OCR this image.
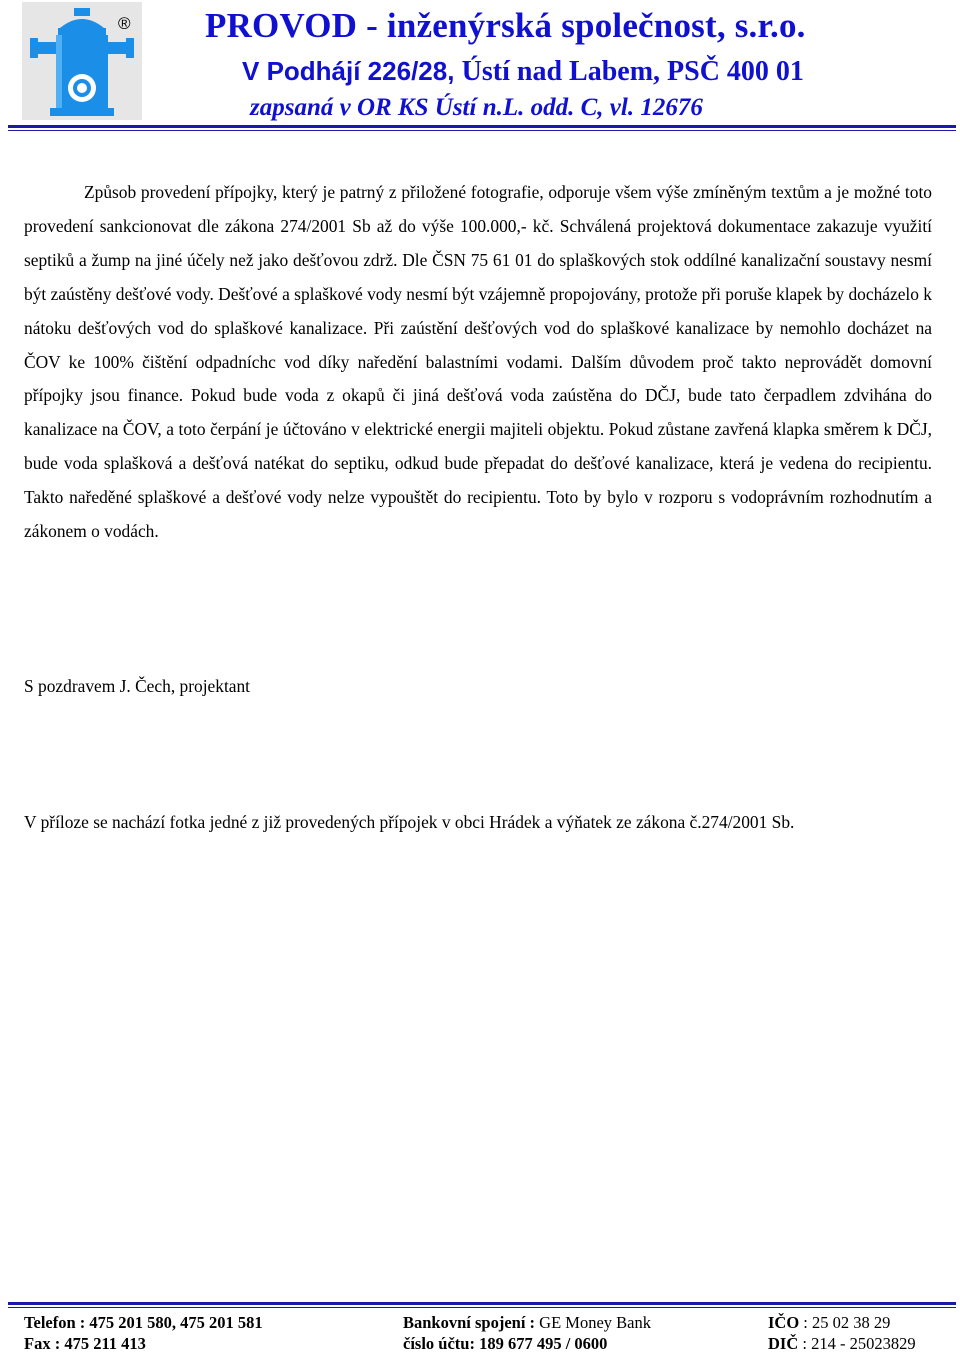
® PROVOD - inženýrská společnost, s.r.o.
V Podhájí 226/28, Ústí nad Labem, PSČ 400 01
zapsaná v OR KS Ústí n.L. odd. C, vl. 12676

Způsob provedení přípojky, který je patrný z přiložené fotografie, odporuje všem výše zmíněným textům a je možné toto provedení sankcionovat dle zákona 274/2001 Sb až do výše 100.000,- kč. Schválená projektová dokumentace zakazuje využití septiků a žump na jiné účely než jako dešťovou zdrž. Dle ČSN 75 61 01 do splaškových stok oddílné kanalizační soustavy nesmí být zaústěny dešťové vody. Dešťové a splaškové vody nesmí být vzájemně propojovány, protože při poruše klapek by docházelo k nátoku dešťových vod do splaškové kanalizace. Při zaústění dešťových vod do splaškové kanalizace by nemohlo docházet na ČOV ke 100% čištění odpadníchc vod díky naředění balastními vodami. Dalším důvodem proč takto neprovádět domovní přípojky jsou finance. Pokud bude voda z okapů či jiná dešťová voda zaústěna do DČJ, bude tato čerpadlem zdvihána do kanalizace na ČOV, a toto čerpání je účtováno v elektrické energii majiteli objektu. Pokud zůstane zavřená klapka směrem k DČJ, bude voda splašková a dešťová natékat do septiku, odkud bude přepadat do dešťové kanalizace, která je vedena do recipientu. Takto naředěné splaškové a dešťové vody nelze vypouštět do recipientu. Toto by bylo v rozporu s vodoprávním rozhodnutím a zákonem o vodách.

S pozdravem J. Čech, projektant
V příloze se nachází fotka jedné z již provedených přípojek v obci Hrádek a výňatek ze zákona č.274/2001 Sb.
Telefon : 475 201 580, 475 201 581
Fax : 475 211 413
Bankovní spojení : GE Money Bank
číslo účtu: 189 677 495 / 0600
IČO : 25 02 38 29
DIČ : 214 - 25023829
